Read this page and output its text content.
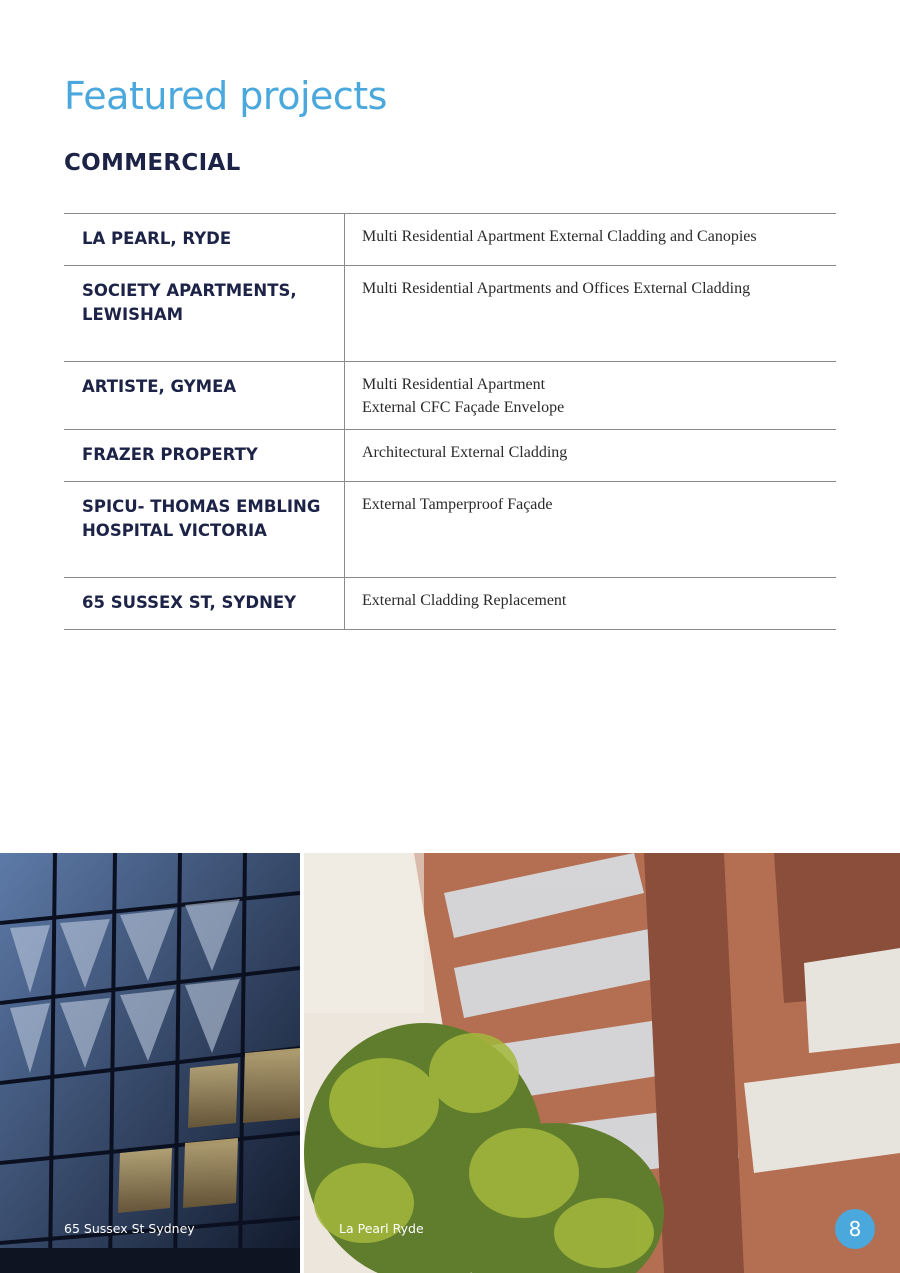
Featured projects
COMMERCIAL
LA PEARL, RYDE	Multi Residential Apartment External Cladding and Canopies

SOCIETY APARTMENTS, LEWISHAM	Multi Residential Apartments and Offices External Cladding

ARTISTE, GYMEA	Multi Residential Apartment
External CFC Façade Envelope

FRAZER PROPERTY	Architectural External Cladding

SPICU- THOMAS EMBLING HOSPITAL VICTORIA	External Tamperproof Façade

65 SUSSEX ST, SYDNEY	External Cladding Replacement
65 Sussex St Sydney	La Pearl Ryde	8
